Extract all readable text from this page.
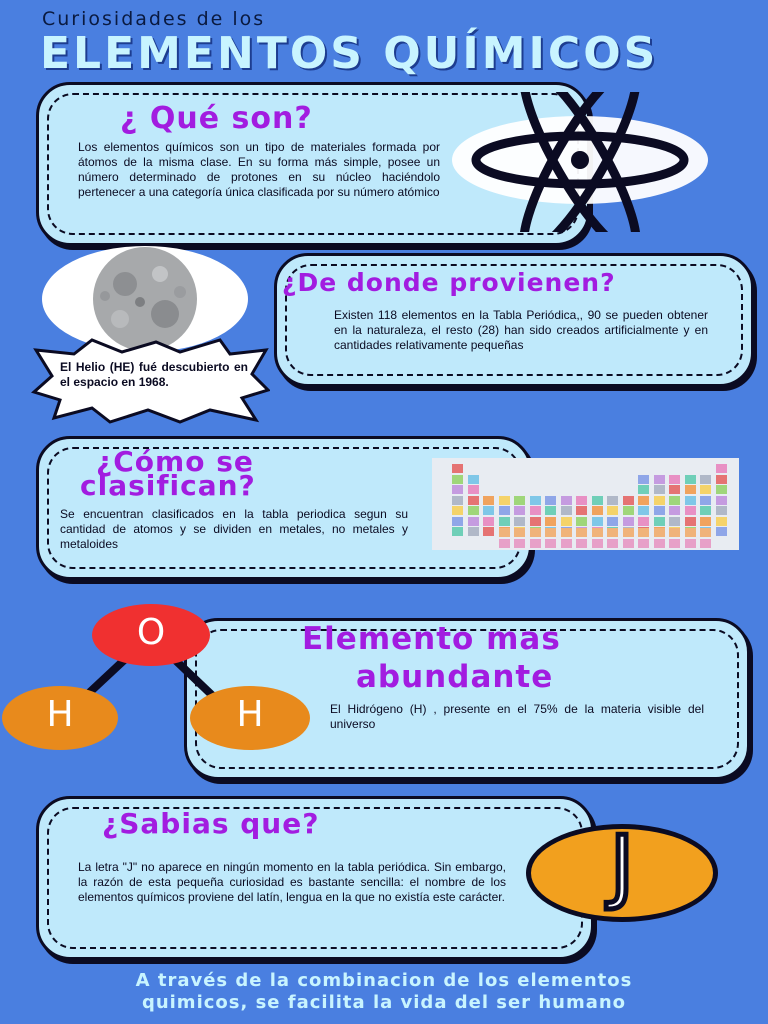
Curiosidades de los
ELEMENTOS QUÍMICOS
¿ Qué son?
Los elementos químicos son un tipo de materiales formada por átomos de la misma clase. En su forma más simple, posee un número determinado de protones en su núcleo haciéndolo pertenecer a una categoría única clasificada por su número atómico
El Helio (HE) fué descubierto en el espacio en 1968.
¿De donde provienen?
Existen 118 elementos en la Tabla Periódica,, 90 se pueden obtener en la naturaleza, el resto (28) han sido creados artificialmente y en cantidades relativamente pequeñas
¿Cómo se
clasifican?
Se encuentran clasificados en la tabla periodica segun su cantidad de atomos y se dividen en metales, no metales y metaloides
Elemento mas
abundante
El Hidrógeno (H) , presente en el 75% de la materia visible del universo
O
H	H
¿Sabias que?
La letra "J" no aparece en ningún momento en la tabla periódica. Sin embargo, la razón de esta pequeña curiosidad es bastante sencilla: el nombre de los elementos químicos proviene del latín, lengua en la que no existía este carácter.	J
A través de la combinacion de los elementos
quimicos, se facilita la vida del ser humano
